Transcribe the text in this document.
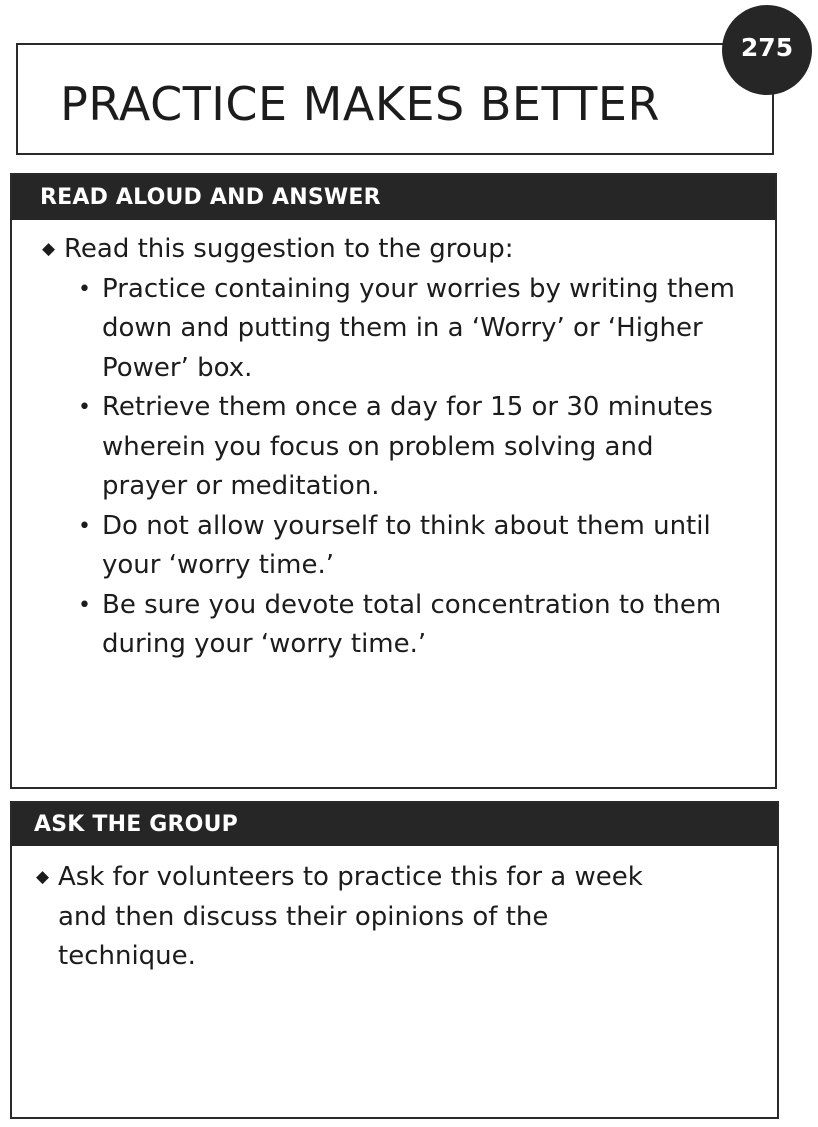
PRACTICE MAKES BETTER
275
READ ALOUD AND ANSWER
◆ Read this suggestion to the group:
• Practice containing your worries by writing them down and putting them in a ‘Worry’ or ‘Higher Power’ box.
• Retrieve them once a day for 15 or 30 minutes wherein you focus on problem solving and prayer or meditation.
• Do not allow yourself to think about them until your ‘worry time.’
• Be sure you devote total concentration to them during your ‘worry time.’
ASK THE GROUP
◆ Ask for volunteers to practice this for a week and then discuss their opinions of the technique.
